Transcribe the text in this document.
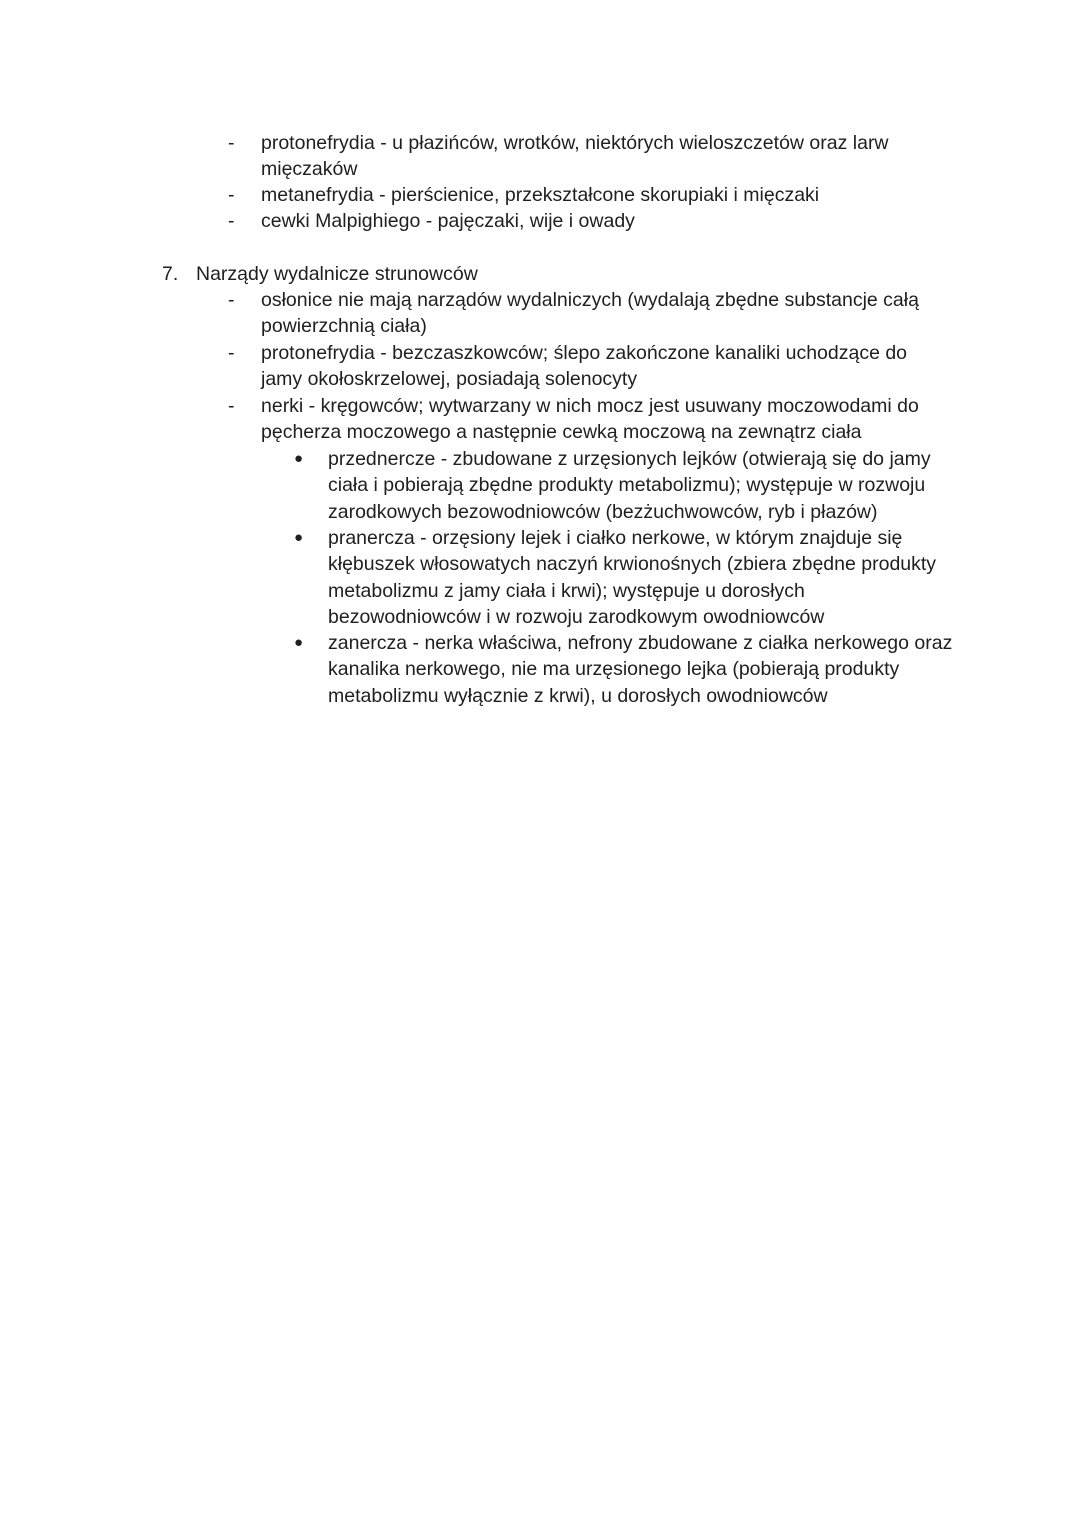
-	protonefrydia - u płazińców, wrotków, niektórych wieloszczetów oraz larw mięczaków
-	metanefrydia - pierścienice, przekształcone skorupiaki i mięczaki
-	cewki Malpighiego - pajęczaki, wije i owady
7. Narządy wydalnicze strunowców
-	osłonice nie mają narządów wydalniczych (wydalają zbędne substancje całą powierzchnią ciała)
-	protonefrydia - bezczaszkowców; ślepo zakończone kanaliki uchodzące do jamy okołoskrzelowej, posiadają solenocyty
-	nerki - kręgowców; wytwarzany w nich mocz jest usuwany moczowodami do pęcherza moczowego a następnie cewką moczową na zewnątrz ciała
●	przednercze - zbudowane z urzęsionych lejków (otwierają się do jamy ciała i pobierają zbędne produkty metabolizmu); występuje w rozwoju zarodkowych bezowodniowców (bezżuchwowców, ryb i płazów)
●	pranercza - orzęsiony lejek i ciałko nerkowe, w którym znajduje się kłębuszek włosowatych naczyń krwionośnych (zbiera zbędne produkty metabolizmu z jamy ciała i krwi); występuje u dorosłych bezowodniowców i w rozwoju zarodkowym owodniowców
●	zanercza - nerka właściwa, nefrony zbudowane z ciałka nerkowego oraz kanalika nerkowego, nie ma urzęsionego lejka (pobierają produkty metabolizmu wyłącznie z krwi), u dorosłych owodniowców
